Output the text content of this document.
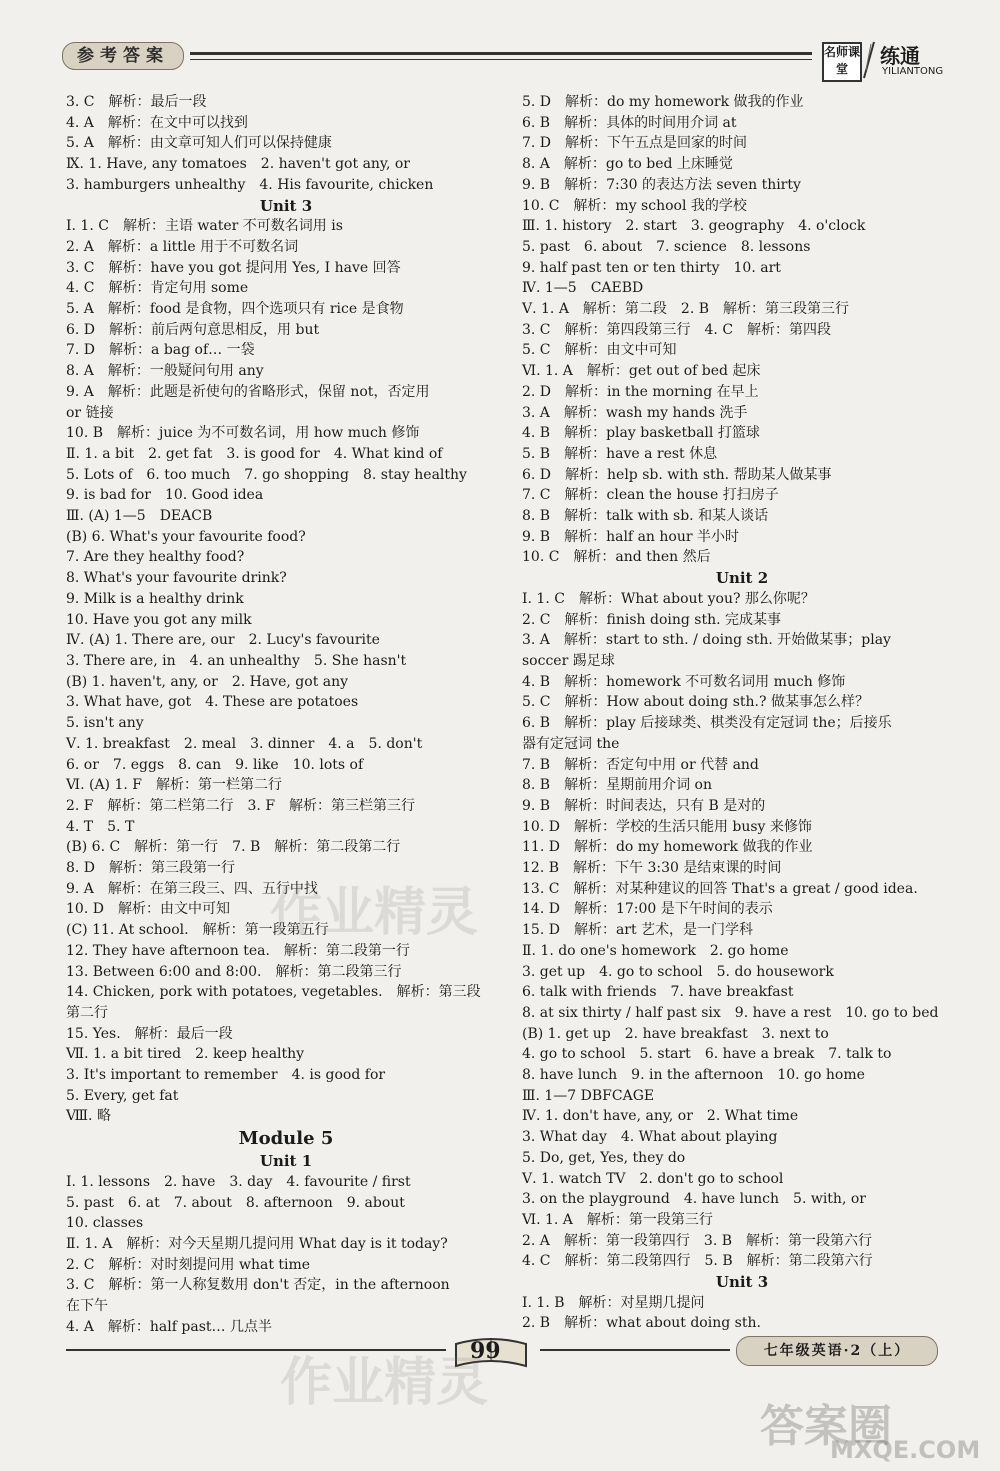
参考答案	名师课堂
练通
YILIANTONG
3. C　解析：最后一段
4. A　解析：在文中可以找到
5. A　解析：由文章可知人们可以保持健康
Ⅸ. 1. Have, any tomatoes　2. haven't got any, or
3. hamburgers unhealthy　4. His favourite, chicken
Unit 3
Ⅰ. 1. C　解析：主语 water 不可数名词用 is
2. A　解析：a little 用于不可数名词
3. C　解析：have you got 提问用 Yes, I have 回答
4. C　解析：肯定句用 some
5. A　解析：food 是食物，四个选项只有 rice 是食物
6. D　解析：前后两句意思相反，用 but
7. D　解析：a bag of… 一袋
8. A　解析：一般疑问句用 any
9. A　解析：此题是祈使句的省略形式，保留 not，否定用
or 链接
10. B　解析：juice 为不可数名词，用 how much 修饰
Ⅱ. 1. a bit　2. get fat　3. is good for　4. What kind of
5. Lots of　6. too much　7. go shopping　8. stay healthy
9. is bad for　10. Good idea
Ⅲ. (A) 1—5　DEACB
(B) 6. What's your favourite food?
7. Are they healthy food?
8. What's your favourite drink?
9. Milk is a healthy drink
10. Have you got any milk
Ⅳ. (A) 1. There are, our　2. Lucy's favourite
3. There are, in　4. an unhealthy　5. She hasn't
(B) 1. haven't, any, or　2. Have, got any
3. What have, got　4. These are potatoes
5. isn't any
Ⅴ. 1. breakfast　2. meal　3. dinner　4. a　5. don't
6. or　7. eggs　8. can　9. like　10. lots of
Ⅵ. (A) 1. F　解析：第一栏第二行
2. F　解析：第二栏第二行　3. F　解析：第三栏第三行
4. T　5. T
(B) 6. C　解析：第一行　7. B　解析：第二段第二行
8. D　解析：第三段第一行
9. A　解析：在第三段三、四、五行中找
10. D　解析：由文中可知
(C) 11. At school.　解析：第一段第五行
12. They have afternoon tea.　解析：第二段第一行
13. Between 6:00 and 8:00.　解析：第二段第三行
14. Chicken, pork with potatoes, vegetables.　解析：第三段
第二行
15. Yes.　解析：最后一段
Ⅶ. 1. a bit tired　2. keep healthy
3. It's important to remember　4. is good for
5. Every, get fat
Ⅷ. 略
Module 5
Unit 1
Ⅰ. 1. lessons　2. have　3. day　4. favourite / first
5. past　6. at　7. about　8. afternoon　9. about
10. classes
Ⅱ. 1. A　解析：对今天星期几提问用 What day is it today?
2. C　解析：对时刻提问用 what time
3. C　解析：第一人称复数用 don't 否定，in the afternoon
在下午
4. A　解析：half past… 几点半
5. D　解析：do my homework 做我的作业
6. B　解析：具体的时间用介词 at
7. D　解析：下午五点是回家的时间
8. A　解析：go to bed 上床睡觉
9. B　解析：7:30 的表达方法 seven thirty
10. C　解析：my school 我的学校
Ⅲ. 1. history　2. start　3. geography　4. o'clock
5. past　6. about　7. science　8. lessons
9. half past ten or ten thirty　10. art
Ⅳ. 1—5　CAEBD
Ⅴ. 1. A　解析：第二段　2. B　解析：第三段第三行
3. C　解析：第四段第三行　4. C　解析：第四段
5. C　解析：由文中可知
Ⅵ. 1. A　解析：get out of bed 起床
2. D　解析：in the morning 在早上
3. A　解析：wash my hands 洗手
4. B　解析：play basketball 打篮球
5. B　解析：have a rest 休息
6. D　解析：help sb. with sth. 帮助某人做某事
7. C　解析：clean the house 打扫房子
8. B　解析：talk with sb. 和某人谈话
9. B　解析：half an hour 半小时
10. C　解析：and then 然后
Unit 2
Ⅰ. 1. C　解析：What about you? 那么你呢？
2. C　解析：finish doing sth. 完成某事
3. A　解析：start to sth. / doing sth. 开始做某事；play
soccer 踢足球
4. B　解析：homework 不可数名词用 much 修饰
5. C　解析：How about doing sth.? 做某事怎么样？
6. B　解析：play 后接球类、棋类没有定冠词 the；后接乐
器有定冠词 the
7. B　解析：否定句中用 or 代替 and
8. B　解析：星期前用介词 on
9. B　解析：时间表达，只有 B 是对的
10. D　解析：学校的生活只能用 busy 来修饰
11. D　解析：do my homework 做我的作业
12. B　解析：下午 3:30 是结束课的时间
13. C　解析：对某种建议的回答 That's a great / good idea.
14. D　解析：17:00 是下午时间的表示
15. D　解析：art 艺术，是一门学科
Ⅱ. 1. do one's homework　2. go home
3. get up　4. go to school　5. do housework
6. talk with friends　7. have breakfast
8. at six thirty / half past six　9. have a rest　10. go to bed
(B) 1. get up　2. have breakfast　3. next to
4. go to school　5. start　6. have a break　7. talk to
8. have lunch　9. in the afternoon　10. go home
Ⅲ. 1—7 DBFCAGE
Ⅳ. 1. don't have, any, or　2. What time
3. What day　4. What about playing
5. Do, get, Yes, they do
Ⅴ. 1. watch TV　2. don't go to school
3. on the playground　4. have lunch　5. with, or
Ⅵ. 1. A　解析：第一段第三行
2. A　解析：第一段第四行　3. B　解析：第一段第六行
4. C　解析：第二段第四行　5. B　解析：第二段第六行
Unit 3
Ⅰ. 1. B　解析：对星期几提问
2. B　解析：what about doing sth.
99	七年级英语·2（上）
作业精灵
作业精灵
答案圈
MXQE.COM
